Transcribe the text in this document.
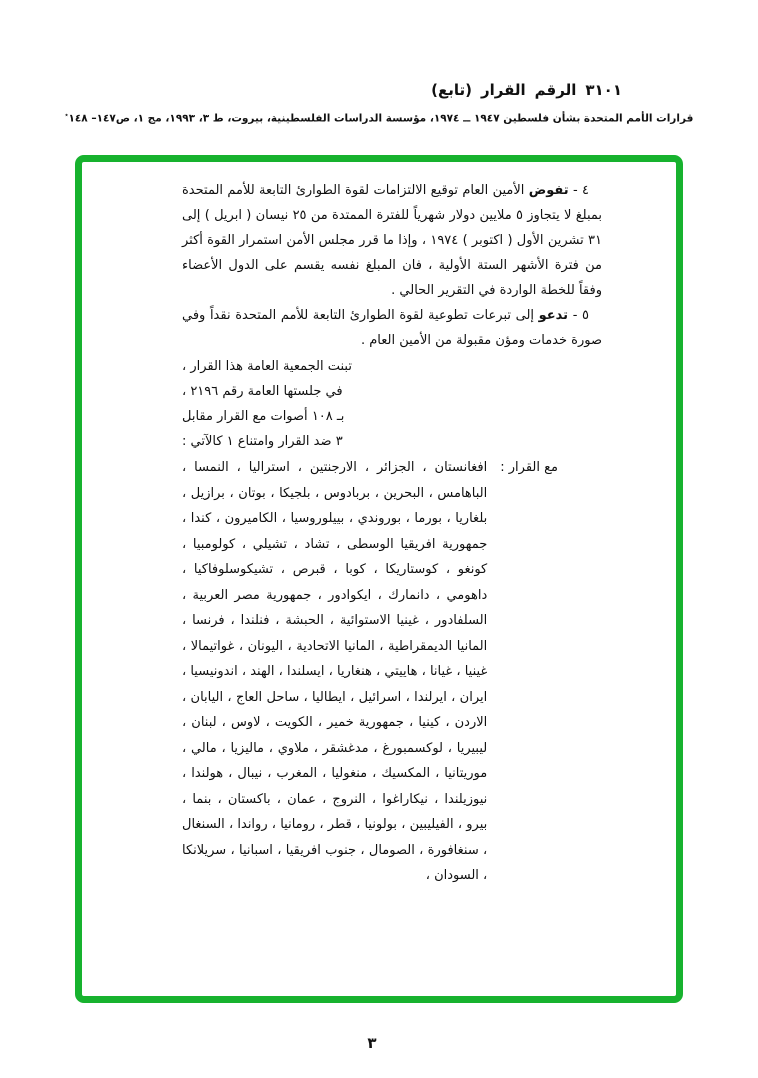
(تابع) القرار الرقم ٣١٠١
قرارات الأمم المتحدة بشأن فلسطين ١٩٤٧ ــ ١٩٧٤، مؤسسة الدراسات الفلسطينية، بيروت، ط ٣، ١٩٩٣، مج ١، ص١٤٧– ١٤٨٭

٤ - تفوض الأمين العام توقيع الالتزامات لقوة الطوارئ التابعة للأمم المتحدة بمبلغ لا يتجاوز ٥ ملايين دولار شهرياً للفترة الممتدة من ٢٥ نيسان ( ابريل ) إلى ٣١ تشرين الأول ( اكتوبر ) ١٩٧٤ ، وإذا ما قرر مجلس الأمن استمرار القوة أكثر من فترة الأشهر الستة الأولية ، فان المبلغ نفسه يقسم على الدول الأعضاء وفقاً للخطة الواردة في التقرير الحالي .

٥ - تدعو إلى تبرعات تطوعية لقوة الطوارئ التابعة للأمم المتحدة نقداً وفي صورة خدمات ومؤن مقبولة من الأمين العام .

تبنت الجمعية العامة هذا القرار ،
في جلستها العامة رقم ٢١٩٦ ،
بـ ١٠٨ أصوات مع القرار مقابل
٣ ضد القرار وامتناع ١ كالآتي :
مع القرار :
افغانستان ، الجزائر ، الارجنتين ، استراليا ، النمسا ، الباهامس ، البحرين ، بربادوس ، بلجيكا ، بوتان ، برازيل ، بلغاريا ، بورما ، بوروندي ، بييلوروسيا ، الكاميرون ، كندا ، جمهورية افريقيا الوسطى ، تشاد ، تشيلي ، كولومبيا ، كونغو ، كوستاريكا ، كوبا ، قبرص ، تشيكوسلوفاكيا ، داهومي ، دانمارك ، ايكوادور ، جمهورية مصر العربية ، السلفادور ، غينيا الاستوائية ، الحبشة ، فنلندا ، فرنسا ، المانيا الديمقراطية ، المانيا الاتحادية ، اليونان ، غواتيمالا ، غينيا ، غيانا ، هاييتي ، هنغاريا ، ايسلندا ، الهند ، اندونيسيا ، ايران ، ايرلندا ، اسرائيل ، ايطاليا ، ساحل العاج ، اليابان ، الاردن ، كينيا ، جمهورية خمير ، الكويت ، لاوس ، لبنان ، ليبيريا ، لوكسمبورغ ، مدغشقر ، ملاوي ، ماليزيا ، مالي ، موريتانيا ، المكسيك ، منغوليا ، المغرب ، نيبال ، هولندا ، نيوزيلندا ، نيكاراغوا ، النروج ، عمان ، باكستان ، بنما ، بيرو ، الفيليبين ، بولونيا ، قطر ، رومانيا ، رواندا ، السنغال ، سنغافورة ، الصومال ، جنوب افريقيا ، اسبانيا ، سريلانكا ، السودان ،
٣
